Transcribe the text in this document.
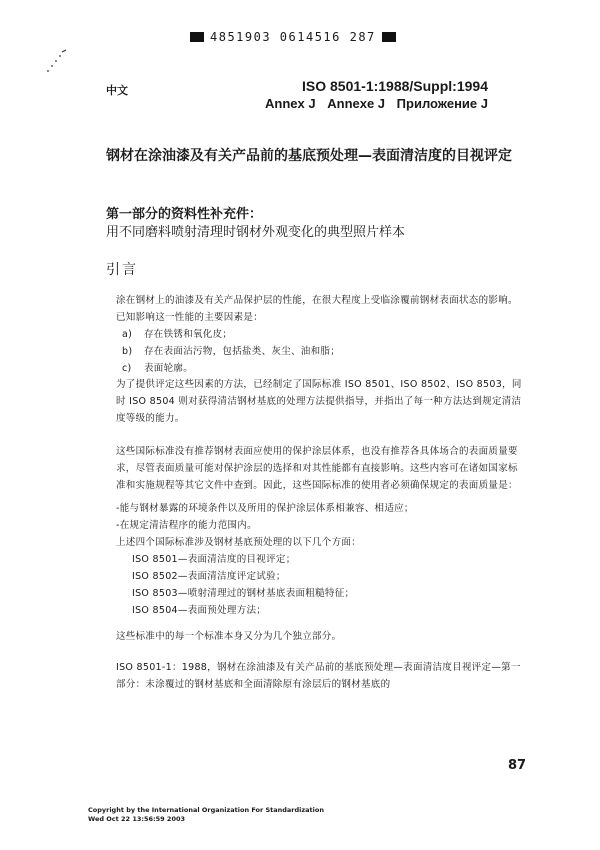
4851903 0614516 287
中文	ISO 8501-1:1988/Suppl:1994
Annex J Annexe J Приложение J
钢材在涂油漆及有关产品前的基底预处理—表面清洁度的目视评定
第一部分的资料性补充件：
用不同磨料喷射清理时钢材外观变化的典型照片样本
引言
涂在钢材上的油漆及有关产品保护层的性能，在很大程度上受临涂覆前钢材表面状态的影响。已知影响这一性能的主要因素是：
a) 存在铁锈和氧化皮；
b) 存在表面沾污物，包括盐类、灰尘、油和脂；
c) 表面轮廓。
为了提供评定这些因素的方法，已经制定了国际标准 ISO 8501、ISO 8502、ISO 8503，同时 ISO 8504 则对获得清洁钢材基底的处理方法提供指导，并指出了每一种方法达到规定清洁度等级的能力。
这些国际标准没有推荐钢材表面应使用的保护涂层体系，也没有推荐各具体场合的表面质量要求，尽管表面质量可能对保护涂层的选择和对其性能都有直接影响。这些内容可在诸如国家标准和实施规程等其它文件中查到。因此，这些国际标准的使用者必须确保规定的表面质量是：
-能与钢材暴露的环境条件以及所用的保护涂层体系相兼容、相适应；
-在规定清洁程序的能力范围内。
上述四个国际标准涉及钢材基底预处理的以下几个方面：
ISO 8501—表面清洁度的目视评定；
ISO 8502—表面清洁度评定试验；
ISO 8503—喷射清理过的钢材基底表面粗糙特征；
ISO 8504—表面预处理方法；
这些标准中的每一个标准本身又分为几个独立部分。
ISO 8501-1：1988，钢材在涂油漆及有关产品前的基底预处理—表面清洁度目视评定—第一部分：未涂覆过的钢材基底和全面清除原有涂层后的钢材基底的
87
Copyright by the International Organization For Standardization
Wed Oct 22 13:56:59 2003
